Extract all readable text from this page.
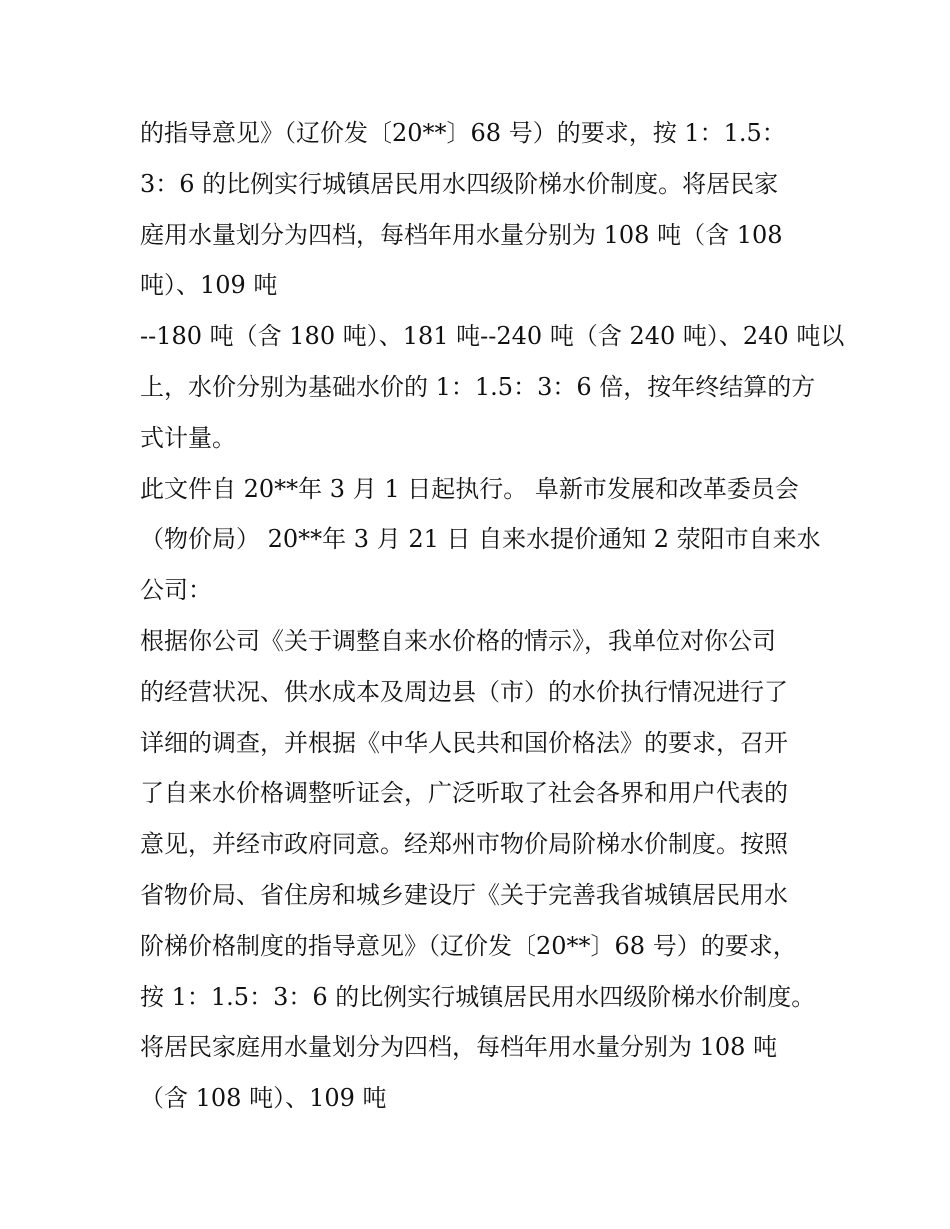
的指导意见》（辽价发〔20**〕68 号）的要求，按 1：1.5：
3：6 的比例实行城镇居民用水四级阶梯水价制度。将居民家
庭用水量划分为四档，每档年用水量分别为 108 吨（含 108
吨）、109 吨
--180 吨（含 180 吨）、181 吨--240 吨（含 240 吨）、240 吨以
上，水价分别为基础水价的 1：1.5：3：6 倍，按年终结算的方
式计量。
此文件自 20**年 3 月 1 日起执行。 阜新市发展和改革委员会
（物价局） 20**年 3 月 21 日 自来水提价通知 2 荥阳市自来水
公司：
根据你公司《关于调整自来水价格的情示》，我单位对你公司
的经营状况、供水成本及周边县（市）的水价执行情况进行了
详细的调查，并根据《中华人民共和国价格法》的要求，召开
了自来水价格调整听证会，广泛听取了社会各界和用户代表的
意见，并经市政府同意。经郑州市物价局阶梯水价制度。按照
省物价局、省住房和城乡建设厅《关于完善我省城镇居民用水
阶梯价格制度的指导意见》（辽价发〔20**〕68 号）的要求，
按 1：1.5：3：6 的比例实行城镇居民用水四级阶梯水价制度。
将居民家庭用水量划分为四档，每档年用水量分别为 108 吨
（含 108 吨）、109 吨
